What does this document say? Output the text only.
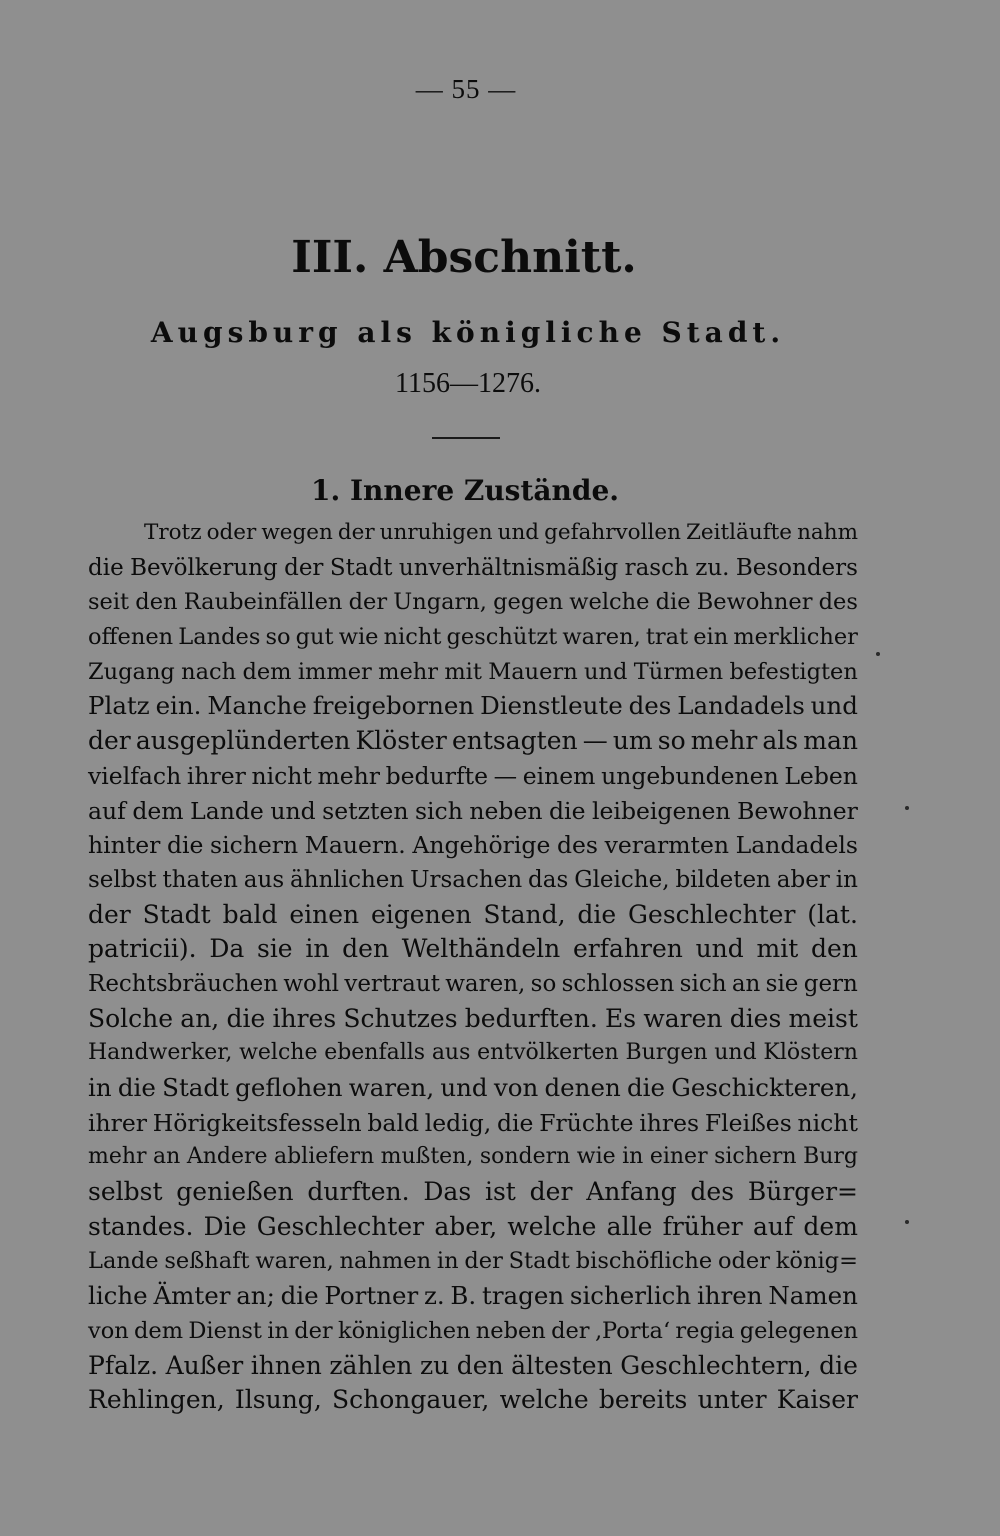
— 55 —
III. Abschnitt.
Augsburg als königliche Stadt.
1156—1276.
1. Innere Zustände.
Trotz oder wegen der unruhigen und gefahrvollen Zeitläufte nahm
die Bevölkerung der Stadt unverhältnismäßig rasch zu. Besonders
seit den Raubeinfällen der Ungarn, gegen welche die Bewohner des
offenen Landes so gut wie nicht geschützt waren, trat ein merklicher
Zugang nach dem immer mehr mit Mauern und Türmen befestigten
Platz ein. Manche freigebornen Dienstleute des Landadels und
der ausgeplünderten Klöster entsagten — um so mehr als man
vielfach ihrer nicht mehr bedurfte — einem ungebundenen Leben
auf dem Lande und setzten sich neben die leibeigenen Bewohner
hinter die sichern Mauern. Angehörige des verarmten Landadels
selbst thaten aus ähnlichen Ursachen das Gleiche, bildeten aber in
der Stadt bald einen eigenen Stand, die Geschlechter (lat.
patricii). Da sie in den Welthändeln erfahren und mit den
Rechtsbräuchen wohl vertraut waren, so schlossen sich an sie gern
Solche an, die ihres Schutzes bedurften. Es waren dies meist
Handwerker, welche ebenfalls aus entvölkerten Burgen und Klöstern
in die Stadt geflohen waren, und von denen die Geschickteren,
ihrer Hörigkeitsfesseln bald ledig, die Früchte ihres Fleißes nicht
mehr an Andere abliefern mußten, sondern wie in einer sichern Burg
selbst genießen durften. Das ist der Anfang des Bürger=
standes. Die Geschlechter aber, welche alle früher auf dem
Lande seßhaft waren, nahmen in der Stadt bischöfliche oder könig=
liche Ämter an; die Portner z. B. tragen sicherlich ihren Namen
von dem Dienst in der königlichen neben der ‚Porta‘ regia gelegenen
Pfalz. Außer ihnen zählen zu den ältesten Geschlechtern, die
Rehlingen, Ilsung, Schongauer, welche bereits unter Kaiser
